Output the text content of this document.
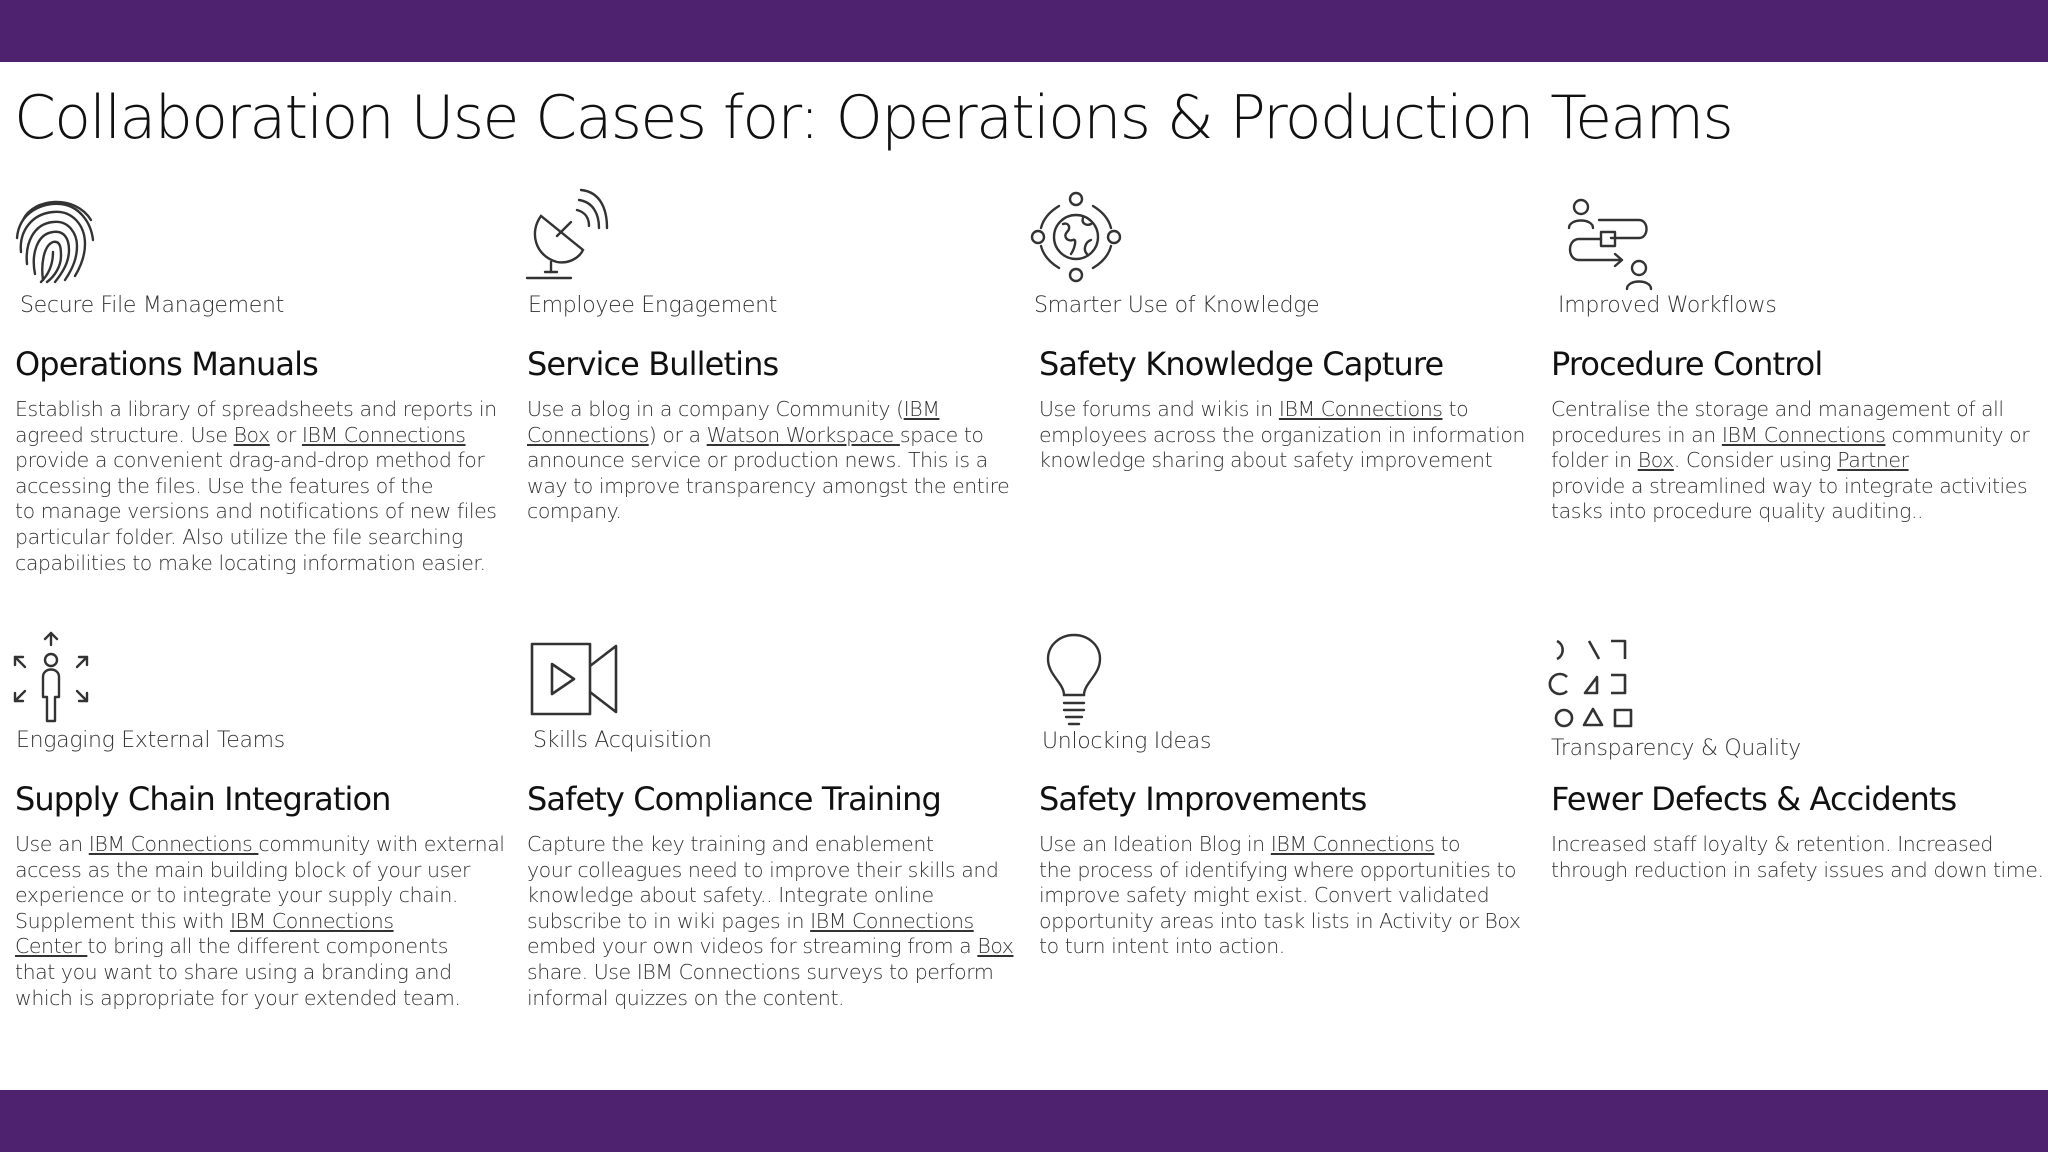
Collaboration Use Cases for: Operations & Production Teams
Secure File Management
Operations Manuals
Establish a library of spreadsheets and reports in
agreed structure. Use Box or IBM Connections
provide a convenient drag-and-drop method for
accessing the files. Use the features of the
to manage versions and notifications of new files
particular folder. Also utilize the file searching
capabilities to make locating information easier.
Employee Engagement
Service Bulletins
Use a blog in a company Community (IBM
Connections) or a Watson Workspace space to
announce service or production news. This is a
way to improve transparency amongst the entire
company.
Smarter Use of Knowledge
Safety Knowledge Capture
Use forums and wikis in IBM Connections to
employees across the organization in information
knowledge sharing about safety improvement
Improved Workflows
Procedure Control
Centralise the storage and management of all
procedures in an IBM Connections community or
folder in Box. Consider using Partner
provide a streamlined way to integrate activities
tasks into procedure quality auditing..
Engaging External Teams
Supply Chain Integration
Use an IBM Connections community with external
access as the main building block of your user
experience or to integrate your supply chain.
Supplement this with IBM Connections
Center to bring all the different components
that you want to share using a branding and
which is appropriate for your extended team.
Skills Acquisition
Safety Compliance Training
Capture the key training and enablement
your colleagues need to improve their skills and
knowledge about safety.. Integrate online
subscribe to in wiki pages in IBM Connections
embed your own videos for streaming from a Box
share. Use IBM Connections surveys to perform
informal quizzes on the content.
Unlocking Ideas
Safety Improvements
Use an Ideation Blog in IBM Connections to
the process of identifying where opportunities to
improve safety might exist. Convert validated
opportunity areas into task lists in Activity or Box
to turn intent into action.
Transparency & Quality
Fewer Defects & Accidents
Increased staff loyalty & retention. Increased
through reduction in safety issues and down time.
